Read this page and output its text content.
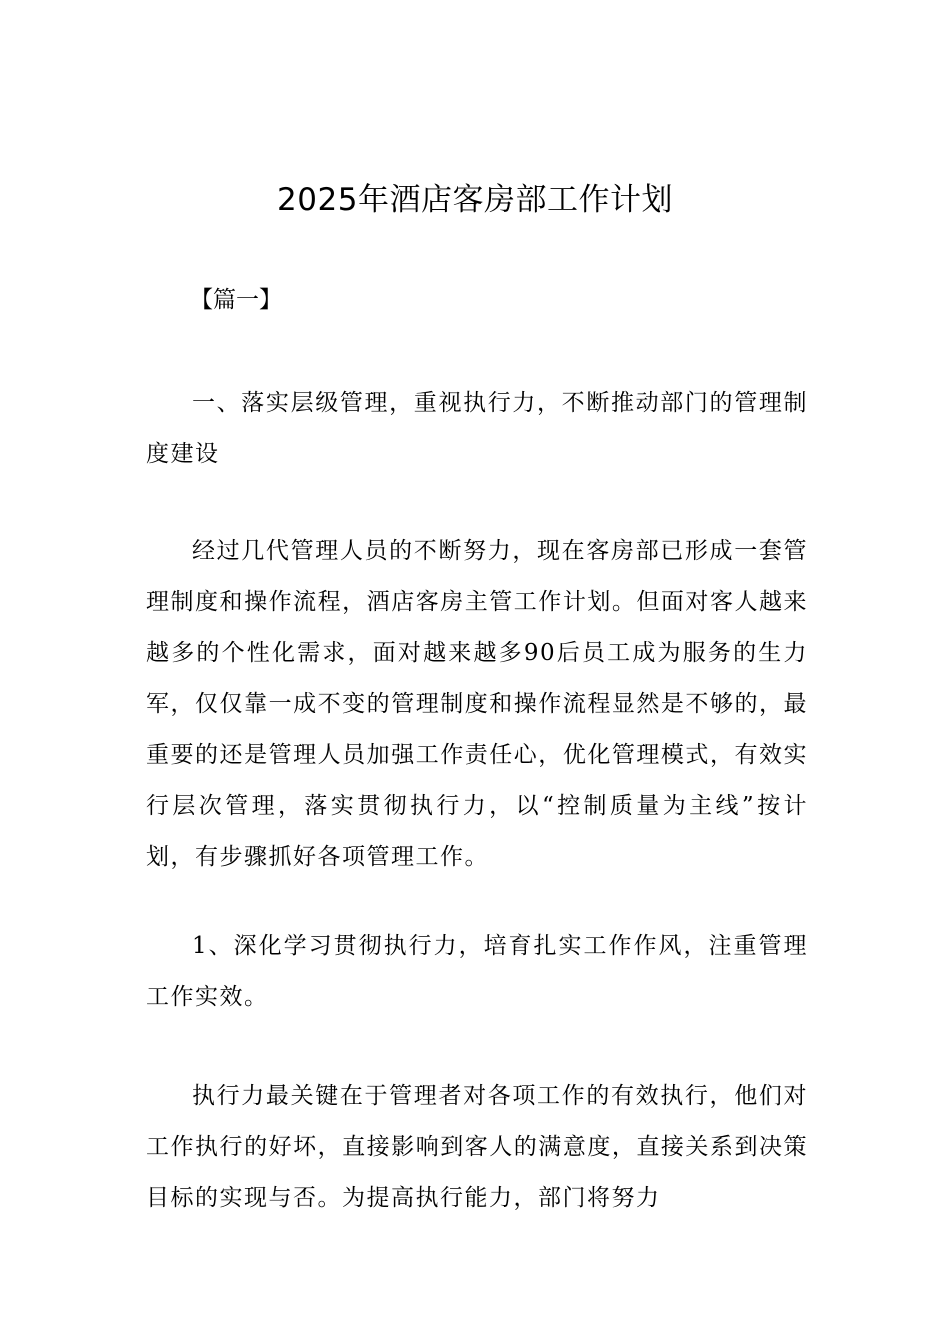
2025年酒店客房部工作计划

【篇一】

一、落实层级管理，重视执行力，不断推动部门的管理制度建设

经过几代管理人员的不断努力，现在客房部已形成一套管理制度和操作流程，酒店客房主管工作计划。但面对客人越来越多的个性化需求，面对越来越多90后员工成为服务的生力军，仅仅靠一成不变的管理制度和操作流程显然是不够的，最重要的还是管理人员加强工作责任心，优化管理模式，有效实行层次管理，落实贯彻执行力，以“控制质量为主线”按计划，有步骤抓好各项管理工作。

1、深化学习贯彻执行力，培育扎实工作作风，注重管理工作实效。

执行力最关键在于管理者对各项工作的有效执行，他们对工作执行的好坏，直接影响到客人的满意度，直接关系到决策目标的实现与否。为提高执行能力，部门将努力
